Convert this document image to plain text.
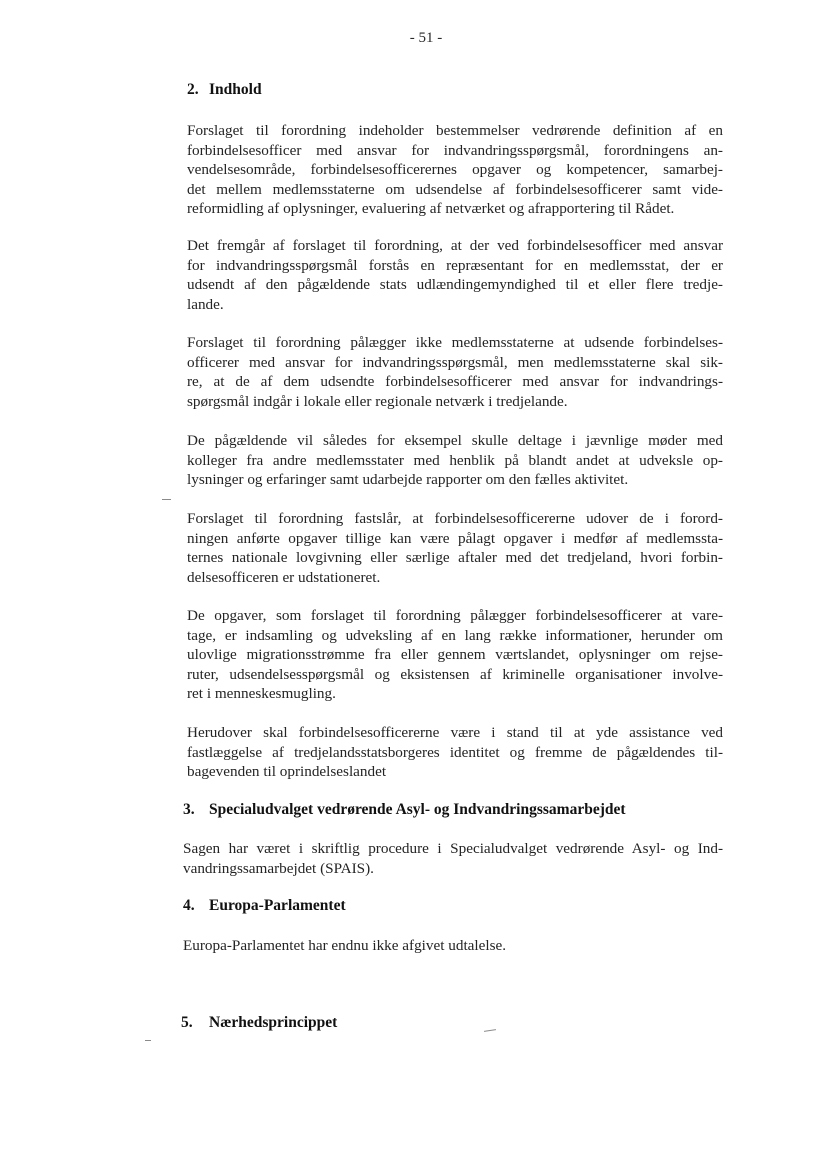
- 51 -
2. Indhold
Forslaget til forordning indeholder bestemmelser vedrørende definition af en
forbindelsesofficer med ansvar for indvandringsspørgsmål, forordningens an-
vendelsesområde, forbindelsesofficerernes opgaver og kompetencer, samarbej-
det mellem medlemsstaterne om udsendelse af forbindelsesofficerer samt vide-
reformidling af oplysninger, evaluering af netværket og afrapportering til Rådet.
Det fremgår af forslaget til forordning, at der ved forbindelsesofficer med ansvar
for indvandringsspørgsmål forstås en repræsentant for en medlemsstat, der er
udsendt af den pågældende stats udlændingemyndighed til et eller flere tredje-
lande.
Forslaget til forordning pålægger ikke medlemsstaterne at udsende forbindelses-
officerer med ansvar for indvandringsspørgsmål, men medlemsstaterne skal sik-
re, at de af dem udsendte forbindelsesofficerer med ansvar for indvandrings-
spørgsmål indgår i lokale eller regionale netværk i tredjelande.
De pågældende vil således for eksempel skulle deltage i jævnlige møder med
kolleger fra andre medlemsstater med henblik på blandt andet at udveksle op-
lysninger og erfaringer samt udarbejde rapporter om den fælles aktivitet.
Forslaget til forordning fastslår, at forbindelsesofficererne udover de i forord-
ningen anførte opgaver tillige kan være pålagt opgaver i medfør af medlemssta-
ternes nationale lovgivning eller særlige aftaler med det tredjeland, hvori forbin-
delsesofficeren er udstationeret.
De opgaver, som forslaget til forordning pålægger forbindelsesofficerer at vare-
tage, er indsamling og udveksling af en lang række informationer, herunder om
ulovlige migrationsstrømme fra eller gennem værtslandet, oplysninger om rejse-
ruter, udsendelsesspørgsmål og eksistensen af kriminelle organisationer involve-
ret i menneskesmugling.
Herudover skal forbindelsesofficererne være i stand til at yde assistance ved
fastlæggelse af tredjelandsstatsborgeres identitet og fremme de pågældendes til-
bagevenden til oprindelseslandet
3. Specialudvalget vedrørende Asyl- og Indvandringssamarbejdet
Sagen har været i skriftlig procedure i Specialudvalget vedrørende Asyl- og Ind-
vandringssamarbejdet (SPAIS).
4. Europa-Parlamentet
Europa-Parlamentet har endnu ikke afgivet udtalelse.
5. Nærhedsprincippet
